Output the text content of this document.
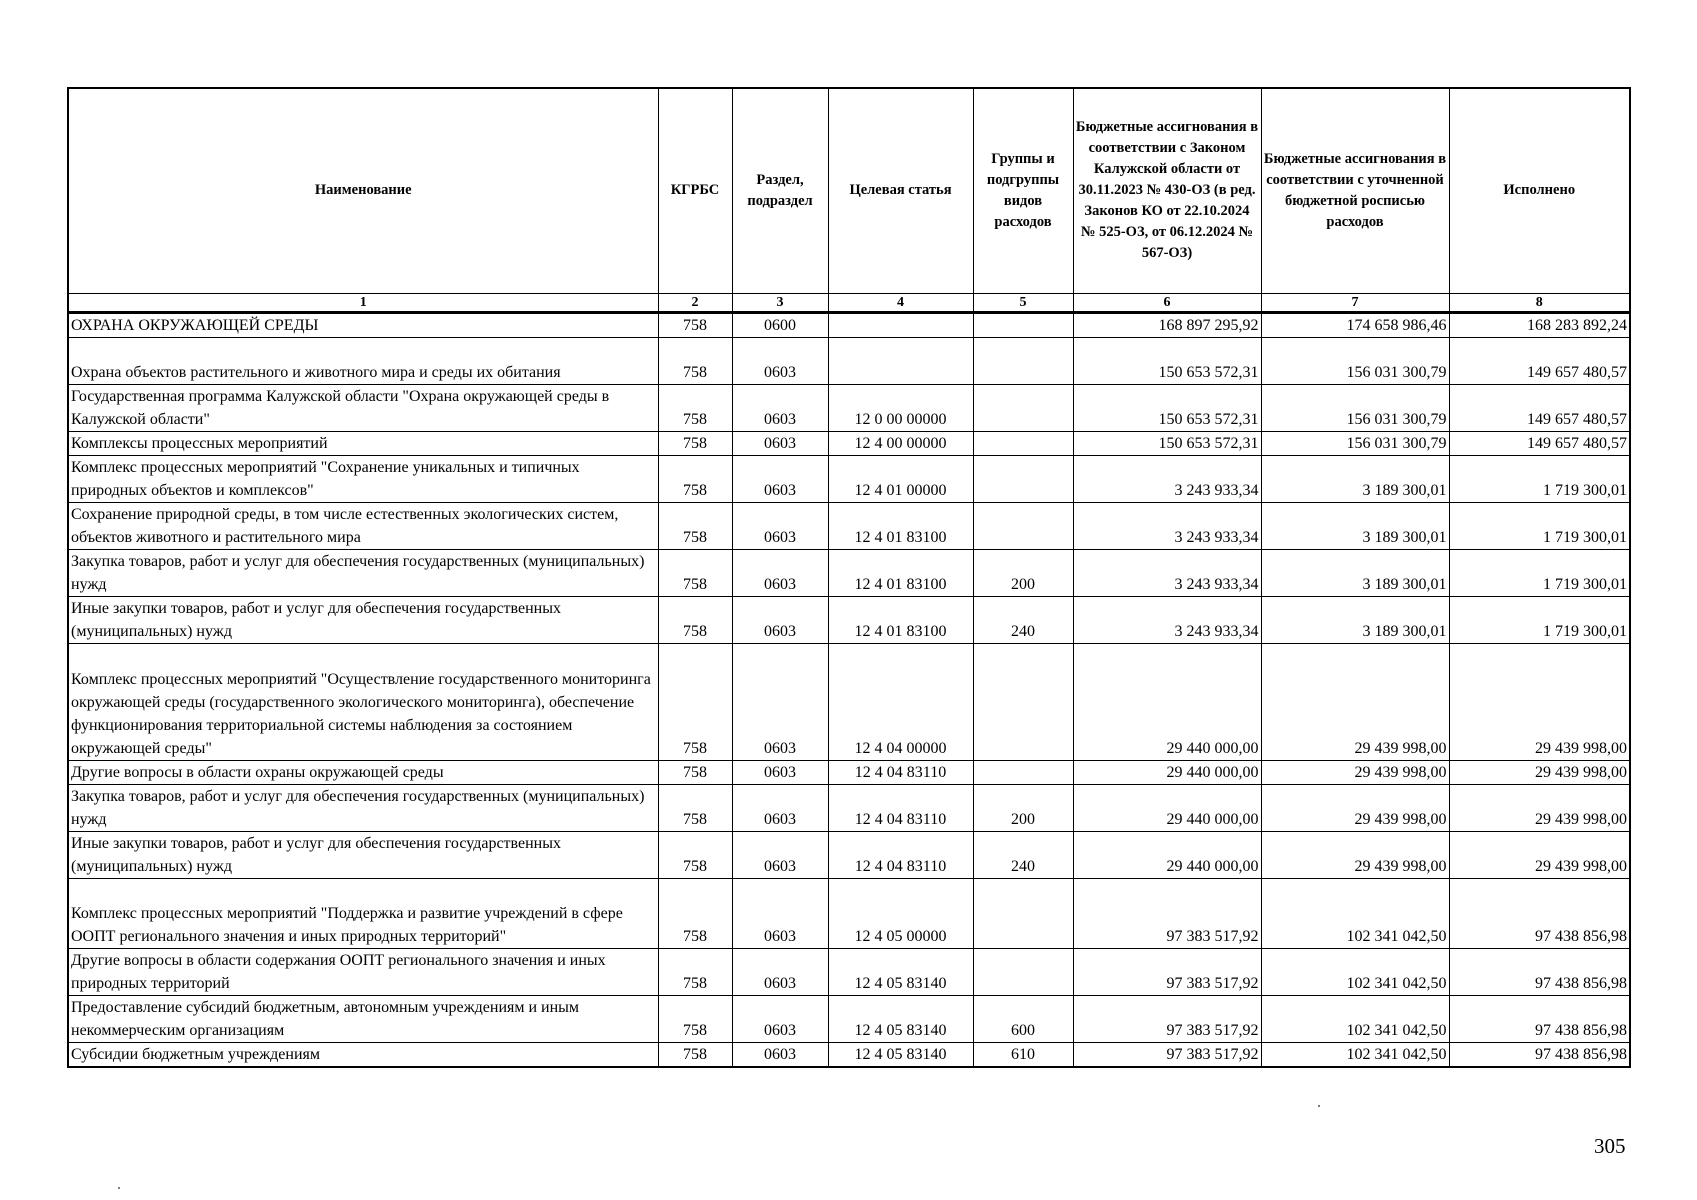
Наименование	КГРБС	Раздел, подраздел	Целевая статья	Группы и подгруппы видов расходов	Бюджетные ассигнования в соответствии с Законом Калужской области от 30.11.2023 № 430-ОЗ (в ред. Законов КО от 22.10.2024 № 525-ОЗ, от 06.12.2024 № 567-ОЗ)	Бюджетные ассигнования в соответствии с уточненной бюджетной росписью расходов	Исполнено
1	2	3	4	5	6	7	8
ОХРАНА ОКРУЖАЮЩЕЙ СРЕДЫ	758	0600			168 897 295,92	174 658 986,46	168 283 892,24
Охрана объектов растительного и животного мира и среды их обитания	758	0603			150 653 572,31	156 031 300,79	149 657 480,57
Государственная программа Калужской области "Охрана окружающей среды в Калужской области"	758	0603	12 0 00 00000		150 653 572,31	156 031 300,79	149 657 480,57
Комплексы процессных мероприятий	758	0603	12 4 00 00000		150 653 572,31	156 031 300,79	149 657 480,57
Комплекс процессных мероприятий "Сохранение уникальных и типичных природных объектов и комплексов"	758	0603	12 4 01 00000		3 243 933,34	3 189 300,01	1 719 300,01
Сохранение природной среды, в том числе естественных экологических систем, объектов животного и растительного мира	758	0603	12 4 01 83100		3 243 933,34	3 189 300,01	1 719 300,01
Закупка товаров, работ и услуг для обеспечения государственных (муниципальных) нужд	758	0603	12 4 01 83100	200	3 243 933,34	3 189 300,01	1 719 300,01
Иные закупки товаров, работ и услуг для обеспечения государственных (муниципальных) нужд	758	0603	12 4 01 83100	240	3 243 933,34	3 189 300,01	1 719 300,01
Комплекс процессных мероприятий "Осуществление государственного мониторинга окружающей среды (государственного экологического мониторинга), обеспечение функционирования территориальной системы наблюдения за состоянием окружающей среды"	758	0603	12 4 04 00000		29 440 000,00	29 439 998,00	29 439 998,00
Другие вопросы в области охраны окружающей среды	758	0603	12 4 04 83110		29 440 000,00	29 439 998,00	29 439 998,00
Закупка товаров, работ и услуг для обеспечения государственных (муниципальных) нужд	758	0603	12 4 04 83110	200	29 440 000,00	29 439 998,00	29 439 998,00
Иные закупки товаров, работ и услуг для обеспечения государственных (муниципальных) нужд	758	0603	12 4 04 83110	240	29 440 000,00	29 439 998,00	29 439 998,00
Комплекс процессных мероприятий "Поддержка и развитие учреждений в сфере ООПТ регионального значения и иных природных территорий"	758	0603	12 4 05 00000		97 383 517,92	102 341 042,50	97 438 856,98
Другие вопросы в области содержания ООПТ регионального значения и иных природных территорий	758	0603	12 4 05 83140		97 383 517,92	102 341 042,50	97 438 856,98
Предоставление субсидий бюджетным, автономным учреждениям и иным некоммерческим организациям	758	0603	12 4 05 83140	600	97 383 517,92	102 341 042,50	97 438 856,98
Субсидии бюджетным учреждениям	758	0603	12 4 05 83140	610	97 383 517,92	102 341 042,50	97 438 856,98
305
